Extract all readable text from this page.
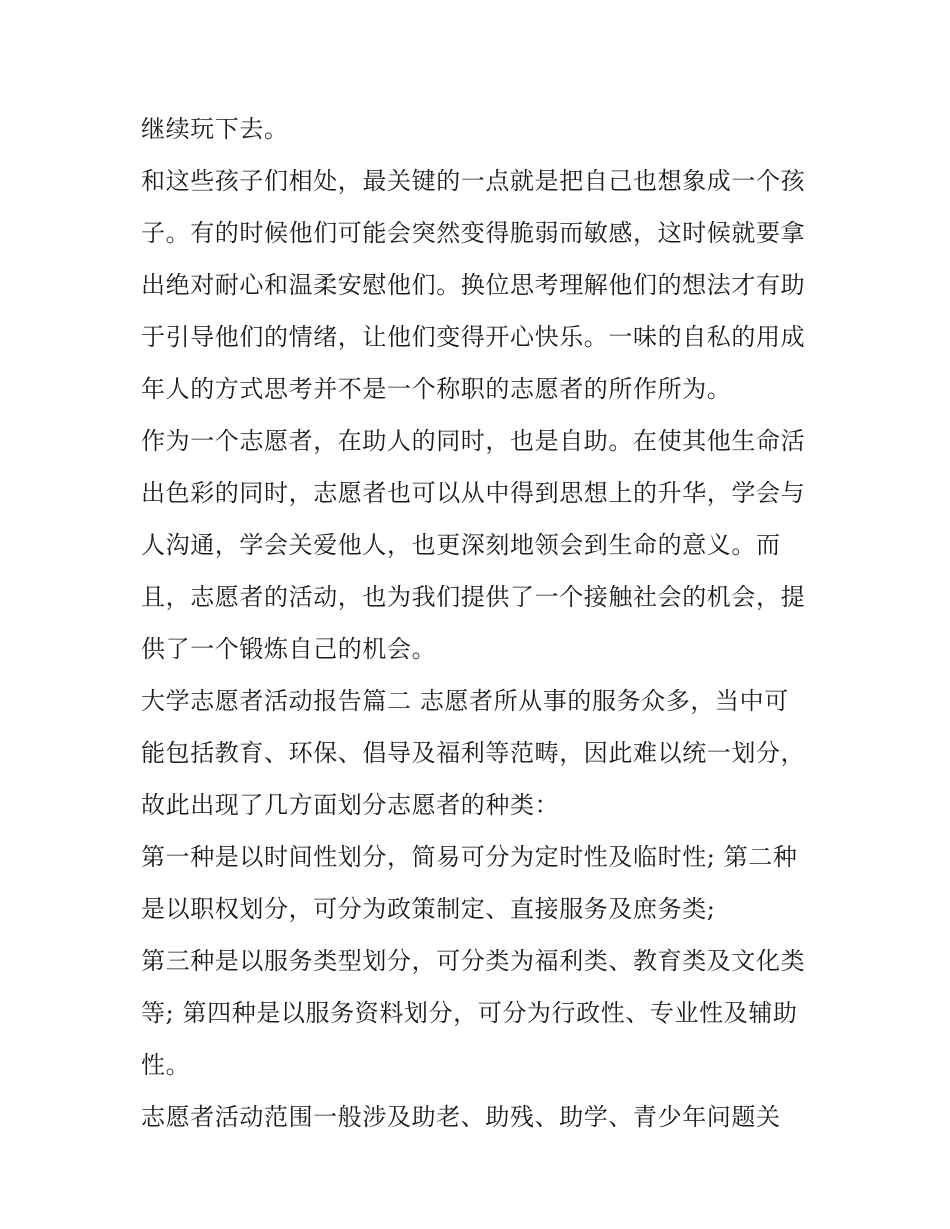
继续玩下去。
和这些孩子们相处，最关键的一点就是把自己也想象成一个孩
子。有的时候他们可能会突然变得脆弱而敏感，这时候就要拿
出绝对耐心和温柔安慰他们。换位思考理解他们的想法才有助
于引导他们的情绪，让他们变得开心快乐。一味的自私的用成
年人的方式思考并不是一个称职的志愿者的所作所为。
作为一个志愿者，在助人的同时，也是自助。在使其他生命活
出色彩的同时，志愿者也可以从中得到思想上的升华，学会与
人沟通，学会关爱他人，也更深刻地领会到生命的意义。而
且，志愿者的活动，也为我们提供了一个接触社会的机会，提
供了一个锻炼自己的机会。
大学志愿者活动报告篇二 志愿者所从事的服务众多，当中可
能包括教育、环保、倡导及福利等范畴，因此难以统一划分，
故此出现了几方面划分志愿者的种类：
第一种是以时间性划分，简易可分为定时性及临时性; 第二种
是以职权划分，可分为政策制定、直接服务及庶务类;
第三种是以服务类型划分，可分类为福利类、教育类及文化类
等; 第四种是以服务资料划分，可分为行政性、专业性及辅助
性。
志愿者活动范围一般涉及助老、助残、助学、青少年问题关
